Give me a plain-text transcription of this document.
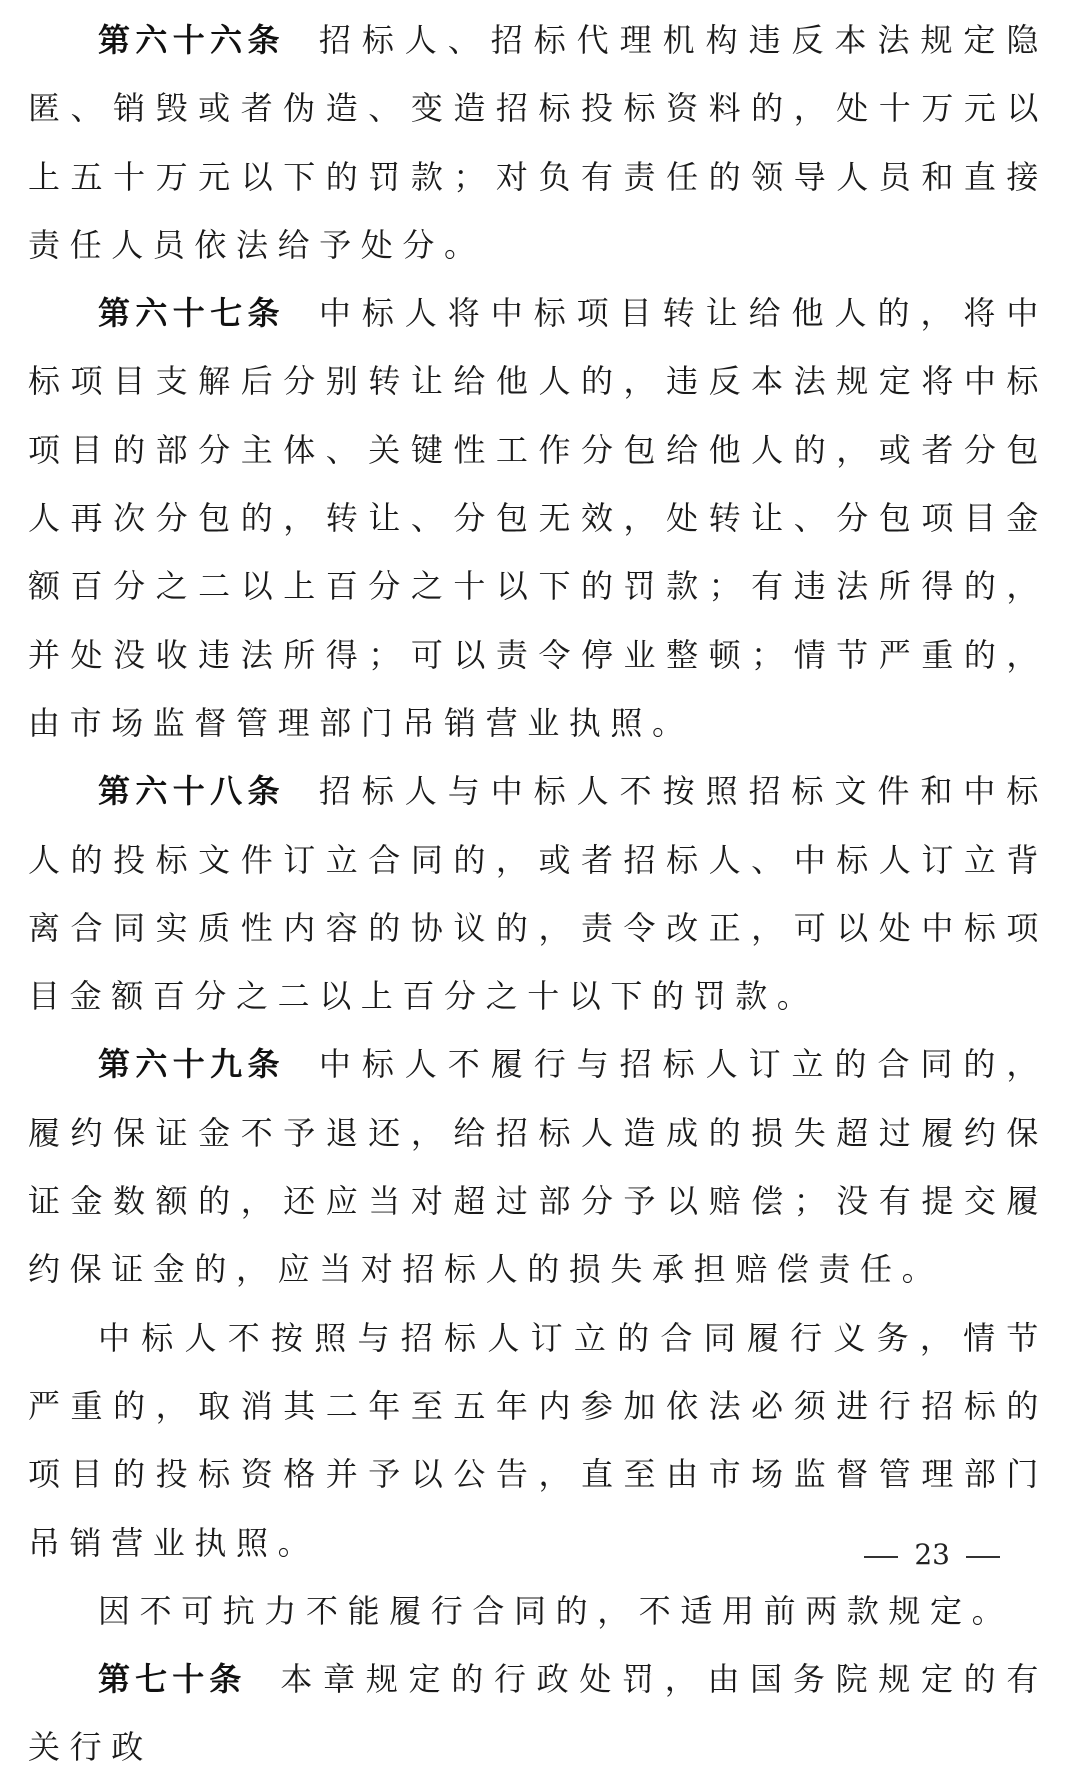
第六十六条 招标人、招标代理机构违反本法规定隐匿、销毁或者伪造、变造招标投标资料的，处十万元以上五十万元以下的罚款；对负有责任的领导人员和直接责任人员依法给予处分。

第六十七条 中标人将中标项目转让给他人的，将中标项目支解后分别转让给他人的，违反本法规定将中标项目的部分主体、关键性工作分包给他人的，或者分包人再次分包的，转让、分包无效，处转让、分包项目金额百分之二以上百分之十以下的罚款；有违法所得的，并处没收违法所得；可以责令停业整顿；情节严重的，由市场监督管理部门吊销营业执照。

第六十八条 招标人与中标人不按照招标文件和中标人的投标文件订立合同的，或者招标人、中标人订立背离合同实质性内容的协议的，责令改正，可以处中标项目金额百分之二以上百分之十以下的罚款。

第六十九条 中标人不履行与招标人订立的合同的，履约保证金不予退还，给招标人造成的损失超过履约保证金数额的，还应当对超过部分予以赔偿；没有提交履约保证金的，应当对招标人的损失承担赔偿责任。

中标人不按照与招标人订立的合同履行义务，情节严重的，取消其二年至五年内参加依法必须进行招标的项目的投标资格并予以公告，直至由市场监督管理部门吊销营业执照。

因不可抗力不能履行合同的，不适用前两款规定。

第七十条 本章规定的行政处罚，由国务院规定的有关行政

23
